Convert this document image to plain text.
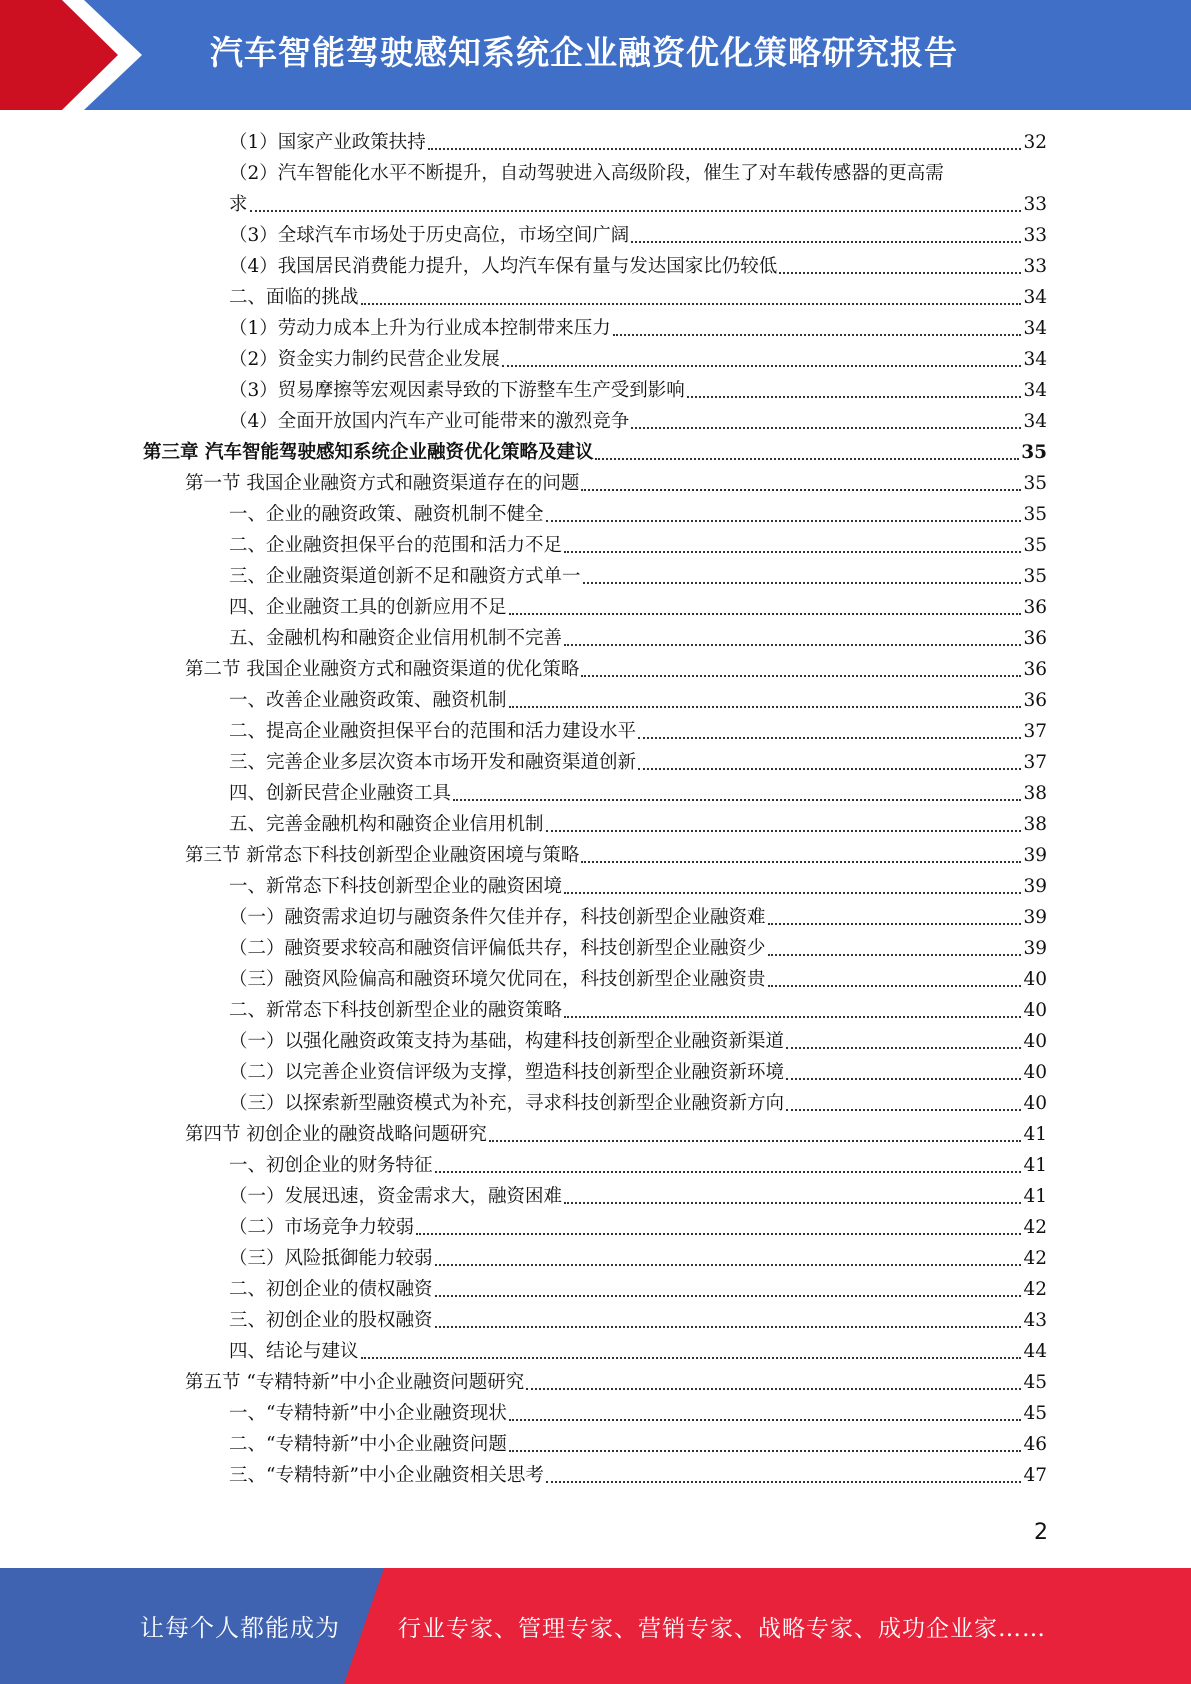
汽车智能驾驶感知系统企业融资优化策略研究报告
（1）国家产业政策扶持	32
（2）汽车智能化水平不断提升，自动驾驶进入高级阶段，催生了对车载传感器的更高需
求	33
（3）全球汽车市场处于历史高位，市场空间广阔	33
（4）我国居民消费能力提升，人均汽车保有量与发达国家比仍较低	33
二、面临的挑战	34
（1）劳动力成本上升为行业成本控制带来压力	34
（2）资金实力制约民营企业发展	34
（3）贸易摩擦等宏观因素导致的下游整车生产受到影响	34
（4）全面开放国内汽车产业可能带来的激烈竞争	34
第三章 汽车智能驾驶感知系统企业融资优化策略及建议	35
第一节 我国企业融资方式和融资渠道存在的问题	35
一、企业的融资政策、融资机制不健全	35
二、企业融资担保平台的范围和活力不足	35
三、企业融资渠道创新不足和融资方式单一	35
四、企业融资工具的创新应用不足	36
五、金融机构和融资企业信用机制不完善	36
第二节 我国企业融资方式和融资渠道的优化策略	36
一、改善企业融资政策、融资机制	36
二、提高企业融资担保平台的范围和活力建设水平	37
三、完善企业多层次资本市场开发和融资渠道创新	37
四、创新民营企业融资工具	38
五、完善金融机构和融资企业信用机制	38
第三节 新常态下科技创新型企业融资困境与策略	39
一、新常态下科技创新型企业的融资困境	39
（一）融资需求迫切与融资条件欠佳并存，科技创新型企业融资难	39
（二）融资要求较高和融资信评偏低共存，科技创新型企业融资少	39
（三）融资风险偏高和融资环境欠优同在，科技创新型企业融资贵	40
二、新常态下科技创新型企业的融资策略	40
（一）以强化融资政策支持为基础，构建科技创新型企业融资新渠道	40
（二）以完善企业资信评级为支撑，塑造科技创新型企业融资新环境	40
（三）以探索新型融资模式为补充，寻求科技创新型企业融资新方向	40
第四节 初创企业的融资战略问题研究	41
一、初创企业的财务特征	41
（一）发展迅速，资金需求大，融资困难	41
（二）市场竞争力较弱	42
（三）风险抵御能力较弱	42
二、初创企业的债权融资	42
三、初创企业的股权融资	43
四、结论与建议	44
第五节 “专精特新”中小企业融资问题研究	45
一、“专精特新”中小企业融资现状	45
二、“专精特新”中小企业融资问题	46
三、“专精特新”中小企业融资相关思考	47
2
让每个人都能成为	行业专家、管理专家、营销专家、战略专家、成功企业家……
